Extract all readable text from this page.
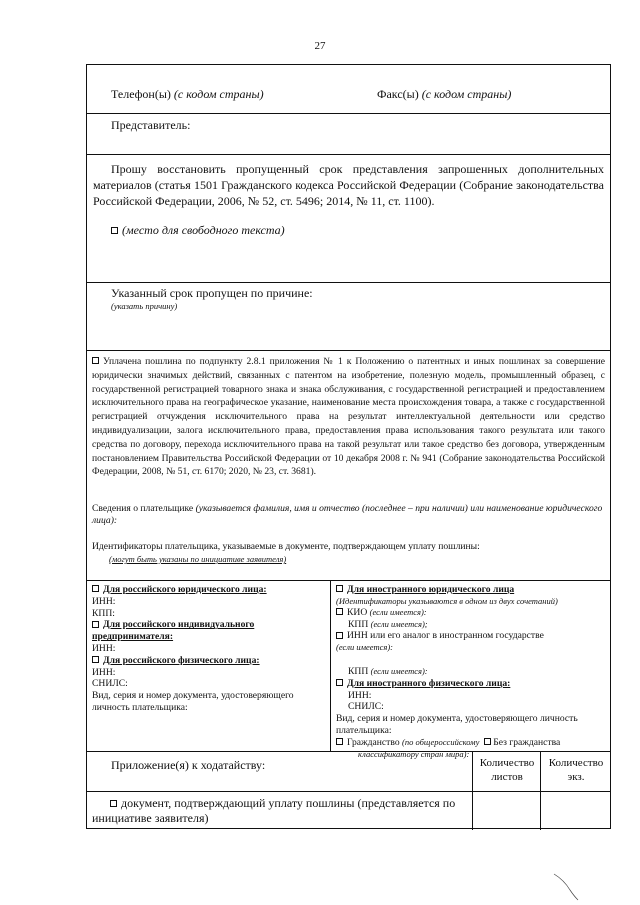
27
Телефон(ы) (с кодом страны)	Факс(ы) (с кодом страны)
Представитель:
Прошу восстановить пропущенный срок представления запрошенных дополнительных материалов (статья 1501 Гражданского кодекса Российской Федерации (Собрание законодательства Российской Федерации, 2006, № 52, ст. 5496; 2014, № 11, ст. 1100).
(место для свободного текста)
Указанный срок пропущен по причине:
(указать причину)
Уплачена пошлина по подпункту 2.8.1 приложения № 1 к Положению о патентных и иных пошлинах за совершение юридически значимых действий, связанных с патентом на изобретение, полезную модель, промышленный образец, с государственной регистрацией товарного знака и знака обслуживания, с государственной регистрацией и предоставлением исключительного права на географическое указание, наименование места происхождения товара, а также с государственной регистрацией отчуждения исключительного права на результат интеллектуальной деятельности или средство индивидуализации, залога исключительного права, предоставления права использования такого результата или такого средства по договору, перехода исключительного права на такой результат или такое средство без договора, утвержденным постановлением Правительства Российской Федерации от 10 декабря 2008 г. № 941 (Собрание законодательства Российской Федерации, 2008, № 51, ст. 6170; 2020, № 23, ст. 3681).
Сведения о плательщике (указывается фамилия, имя и отчество (последнее – при наличии) или наименование юридического лица):
Идентификаторы плательщика, указываемые в документе, подтверждающем уплату пошлины:
(могут быть указаны по инициативе заявителя)
Для российского юридического лица:
ИНН:
КПП:
Для российского индивидуального предпринимателя:
ИНН:
Для российского физического лица:
ИНН:
СНИЛС:
Вид, серия и номер документа, удостоверяющего личность плательщика:
Для иностранного юридического лица
(Идентификаторы указываются в одном из двух сочетаний)
КИО (если имеется):
КПП (если имеется);
ИНН или его аналог в иностранном государстве
(если имеется):
КПП (если имеется):
Для иностранного физического лица:
ИНН:
СНИЛС:
Вид, серия и номер документа, удостоверяющего личность плательщика:
Гражданство (по общероссийскому  Без гражданства
классификатору стран мира):
Приложение(я) к ходатайству:	Количество листов
Количество экз.
документ, подтверждающий уплату пошлины (представляется по инициативе заявителя)
